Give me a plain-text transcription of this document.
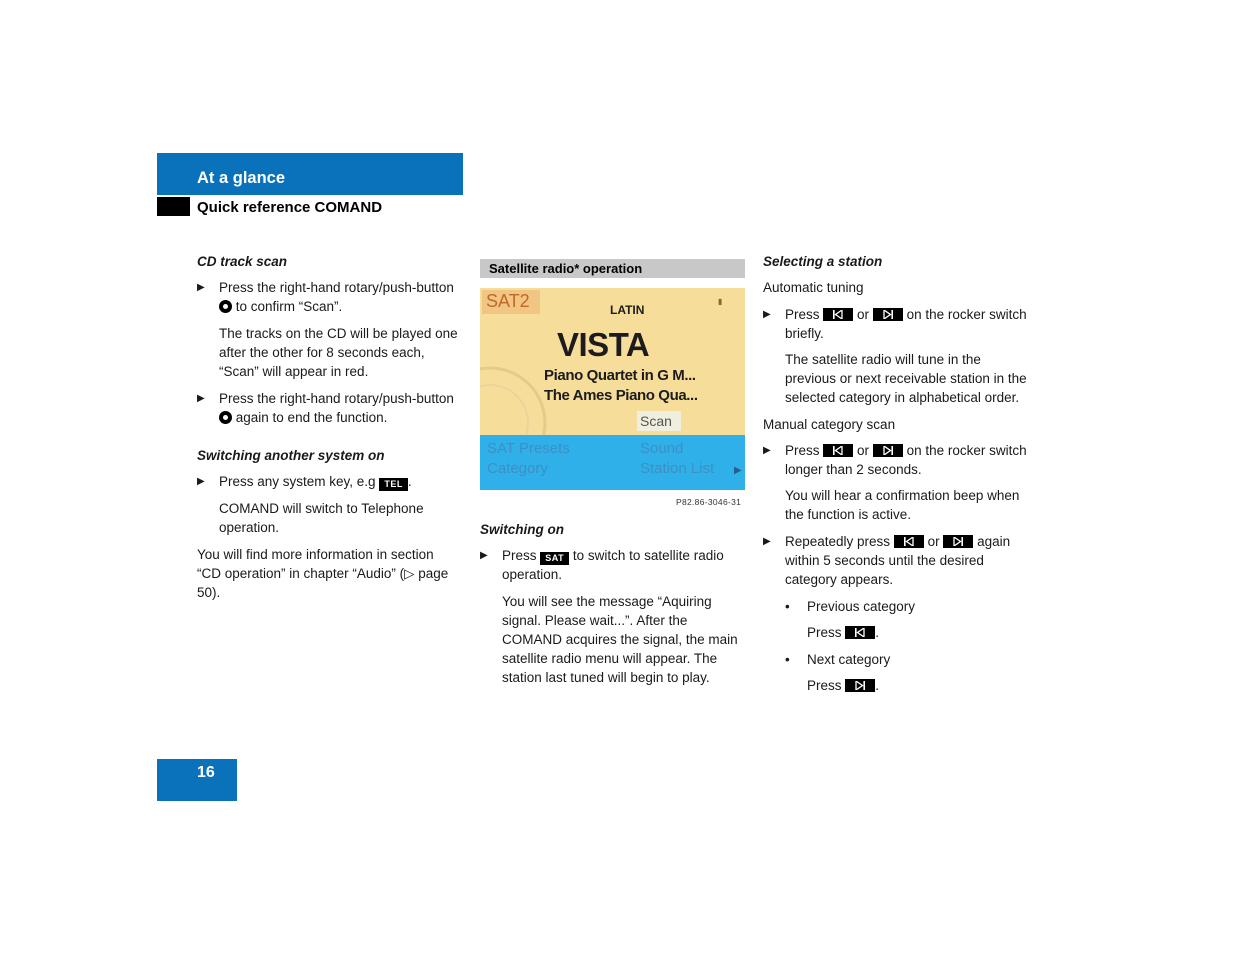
At a glance
Quick reference COMAND

CD track scan

▶ Press the right-hand rotary/push-button  to confirm “Scan”.

The tracks on the CD will be played one after the other for 8 seconds each, “Scan” will appear in red.

▶ Press the right-hand rotary/push-button  again to end the function.

Switching another system on

▶ Press any system key, e.g TEL .

COMAND will switch to Telephone operation.

You will find more information in section “CD operation” in chapter “Audio” (▷ page 50).

Satellite radio* operation
SAT2	LATIN
▮
VISTA
Piano Quartet in G M...
The Ames Piano Qua...
Scan
SAT Presets	Sound
Category	Station List ▶
P82.86-3046-31

Switching on

▶ Press SAT to switch to satellite radio operation.

You will see the message “Aquiring signal. Please wait...”. After the COMAND acquires the signal, the main satellite radio menu will appear. The station last tuned will begin to play.

Selecting a station

Automatic tuning

▶ Press	or	on the rocker switch briefly.

The satellite radio will tune in the previous or next receivable station in the selected category in alphabetical order.

Manual category scan

▶ Press	or	on the rocker switch longer than 2 seconds.

You will hear a confirmation beep when the function is active.

▶ Repeatedly press	or	again within 5 seconds until the desired category appears.
• Previous category

Press	.

• Next category

Press	.

16
